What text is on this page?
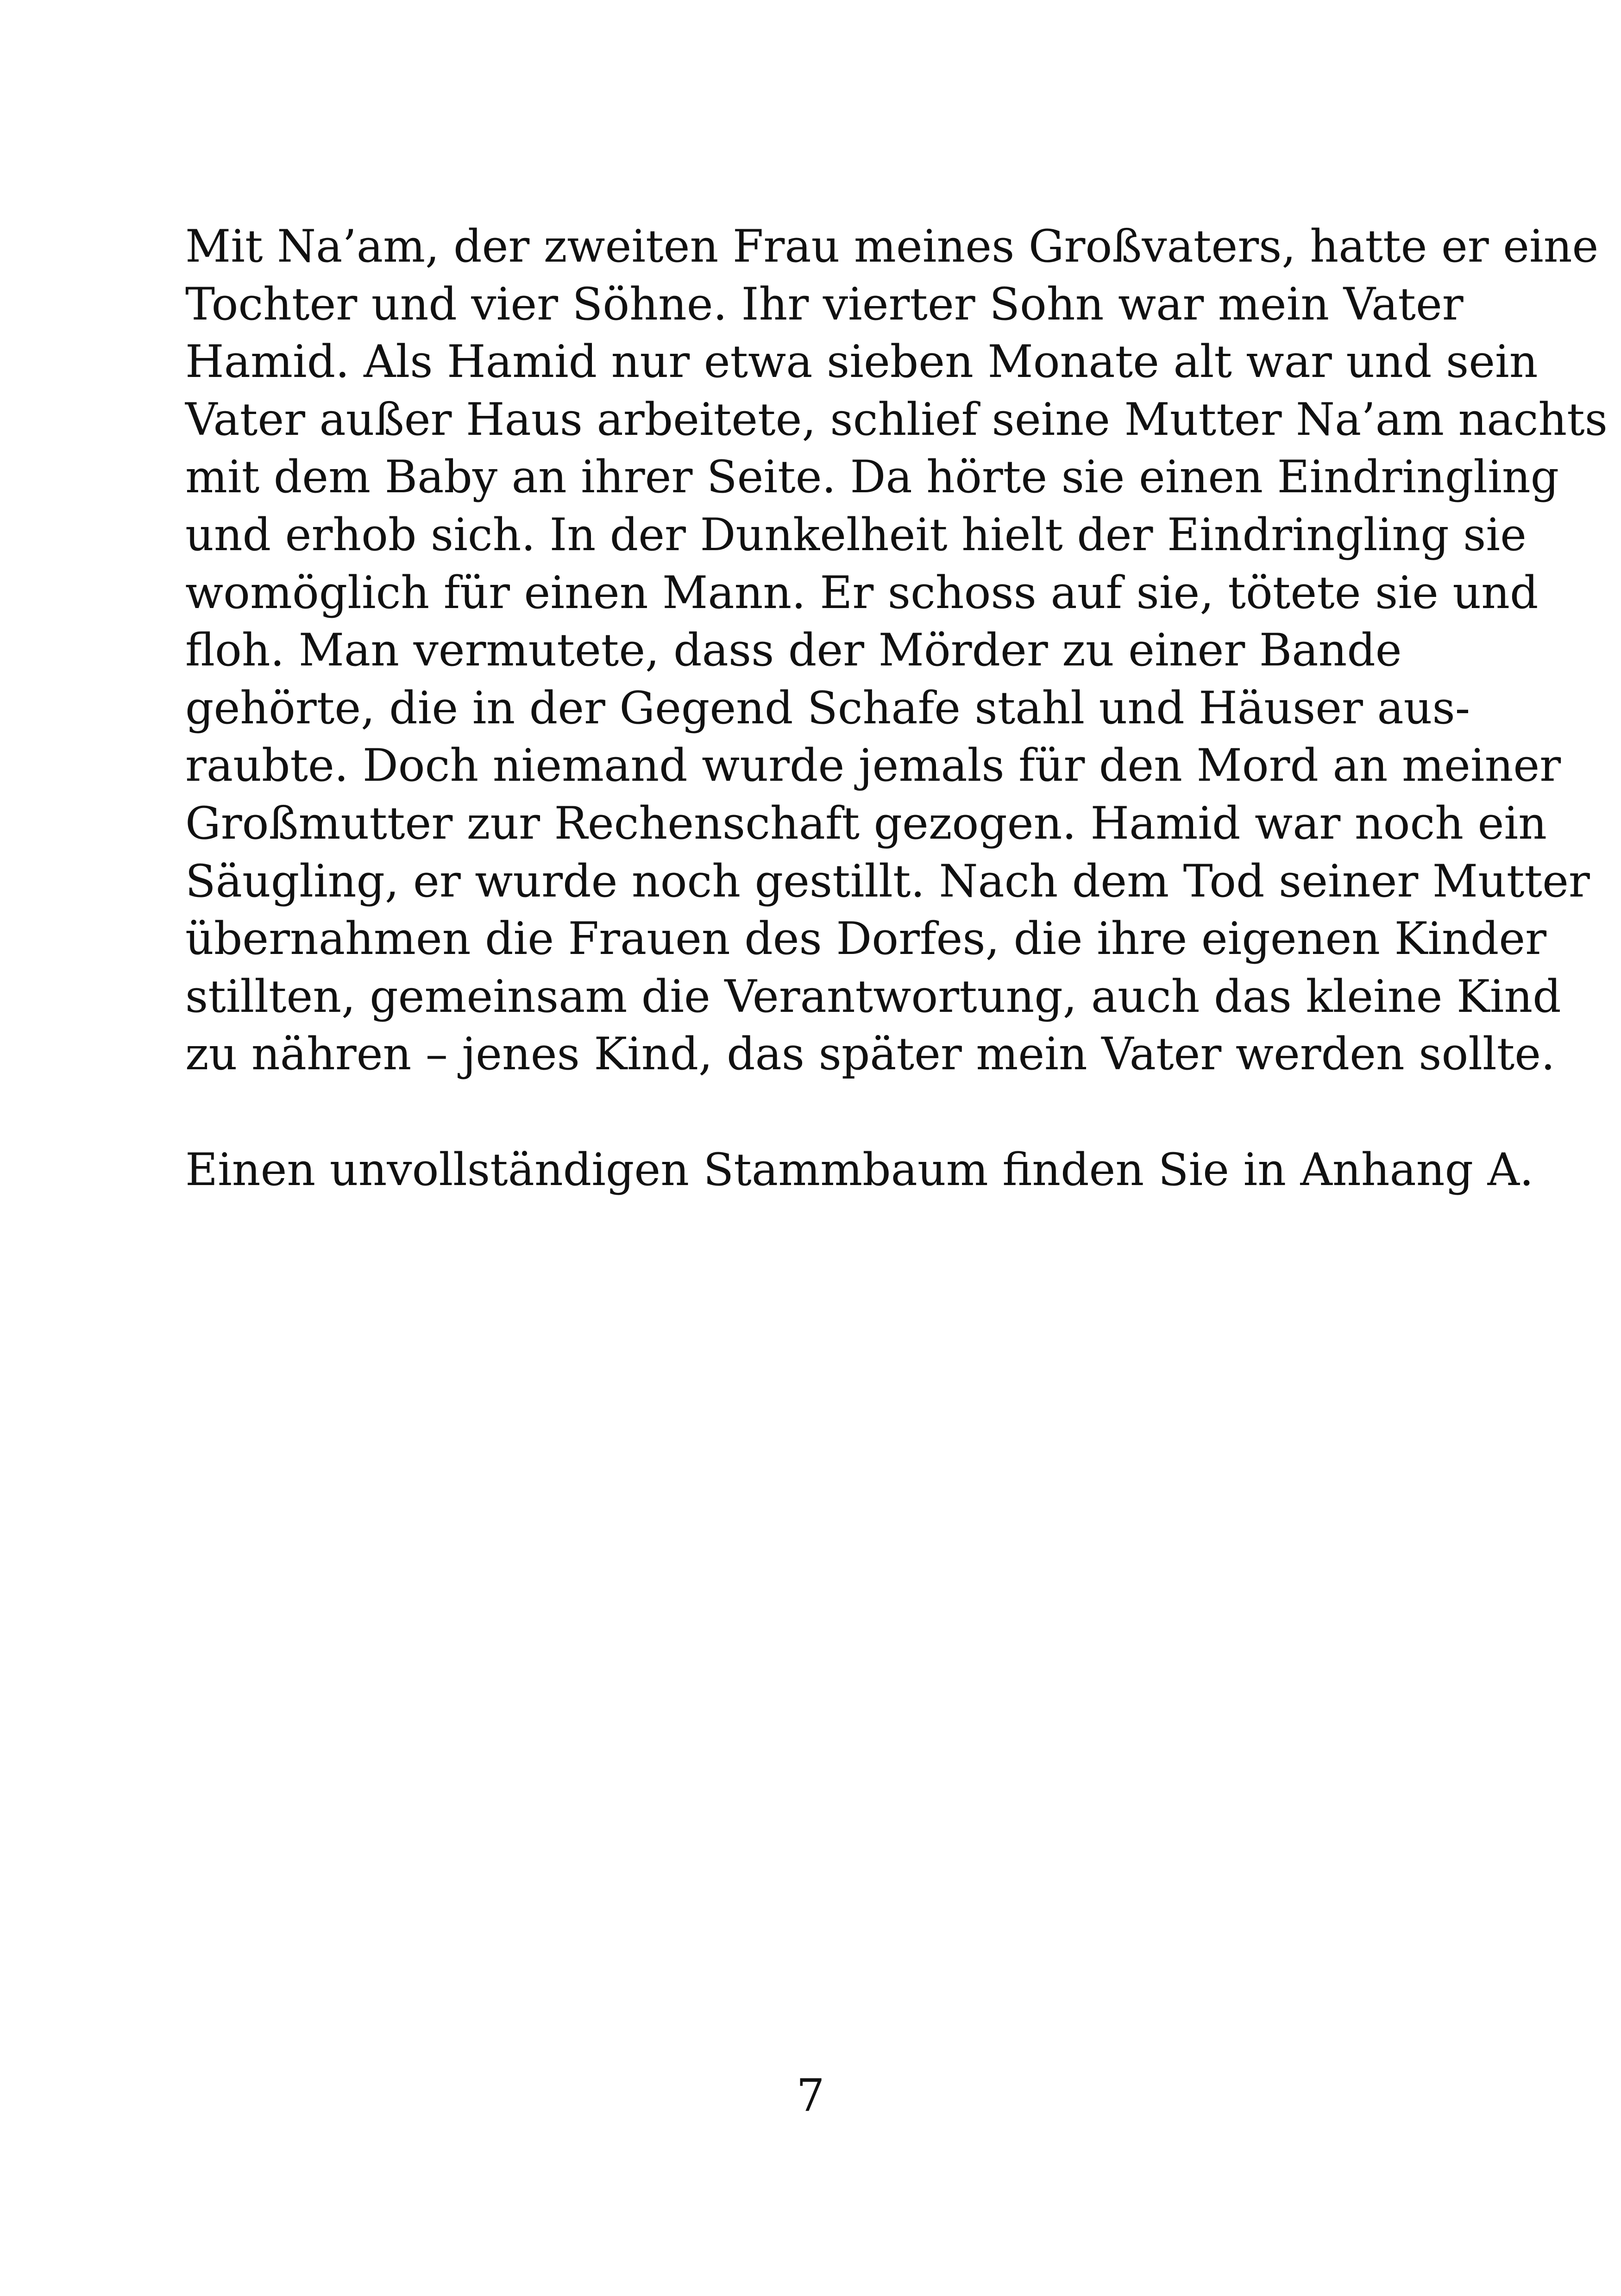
Mit Na’am, der zweiten Frau meines Großvaters, hatte er eine
Tochter und vier Söhne. Ihr vierter Sohn war mein Vater
Hamid. Als Hamid nur etwa sieben Monate alt war und sein
Vater außer Haus arbeitete, schlief seine Mutter Na’am nachts
mit dem Baby an ihrer Seite. Da hörte sie einen Eindringling
und erhob sich. In der Dunkelheit hielt der Eindringling sie
womöglich für einen Mann. Er schoss auf sie, tötete sie und
floh. Man vermutete, dass der Mörder zu einer Bande
gehörte, die in der Gegend Schafe stahl und Häuser aus-
raubte. Doch niemand wurde jemals für den Mord an meiner
Großmutter zur Rechenschaft gezogen. Hamid war noch ein
Säugling, er wurde noch gestillt. Nach dem Tod seiner Mutter
übernahmen die Frauen des Dorfes, die ihre eigenen Kinder
stillten, gemeinsam die Verantwortung, auch das kleine Kind
zu nähren – jenes Kind, das später mein Vater werden sollte.
Einen unvollständigen Stammbaum finden Sie in Anhang A.
7
